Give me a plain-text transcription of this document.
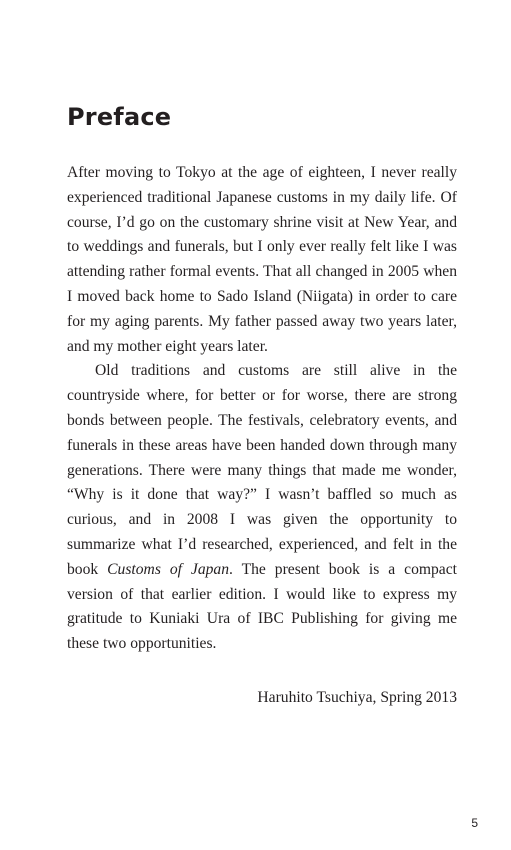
Preface

After moving to Tokyo at the age of eighteen, I never really experienced traditional Japanese customs in my daily life. Of course, I’d go on the customary shrine visit at New Year, and to weddings and funerals, but I only ever really felt like I was attending rather formal events. That all changed in 2005 when I moved back home to Sado Island (Niigata) in order to care for my aging parents. My father passed away two years later, and my mother eight years later.

Old traditions and customs are still alive in the countryside where, for better or for worse, there are strong bonds between people. The festivals, celebratory events, and funerals in these areas have been handed down through many generations. There were many things that made me wonder, “Why is it done that way?” I wasn’t baffled so much as curious, and in 2008 I was given the opportunity to summarize what I’d researched, experienced, and felt in the book Customs of Japan. The present book is a compact version of that earlier edition. I would like to express my gratitude to Kuniaki Ura of IBC Publishing for giving me these two opportunities.

Haruhito Tsuchiya, Spring 2013

5
